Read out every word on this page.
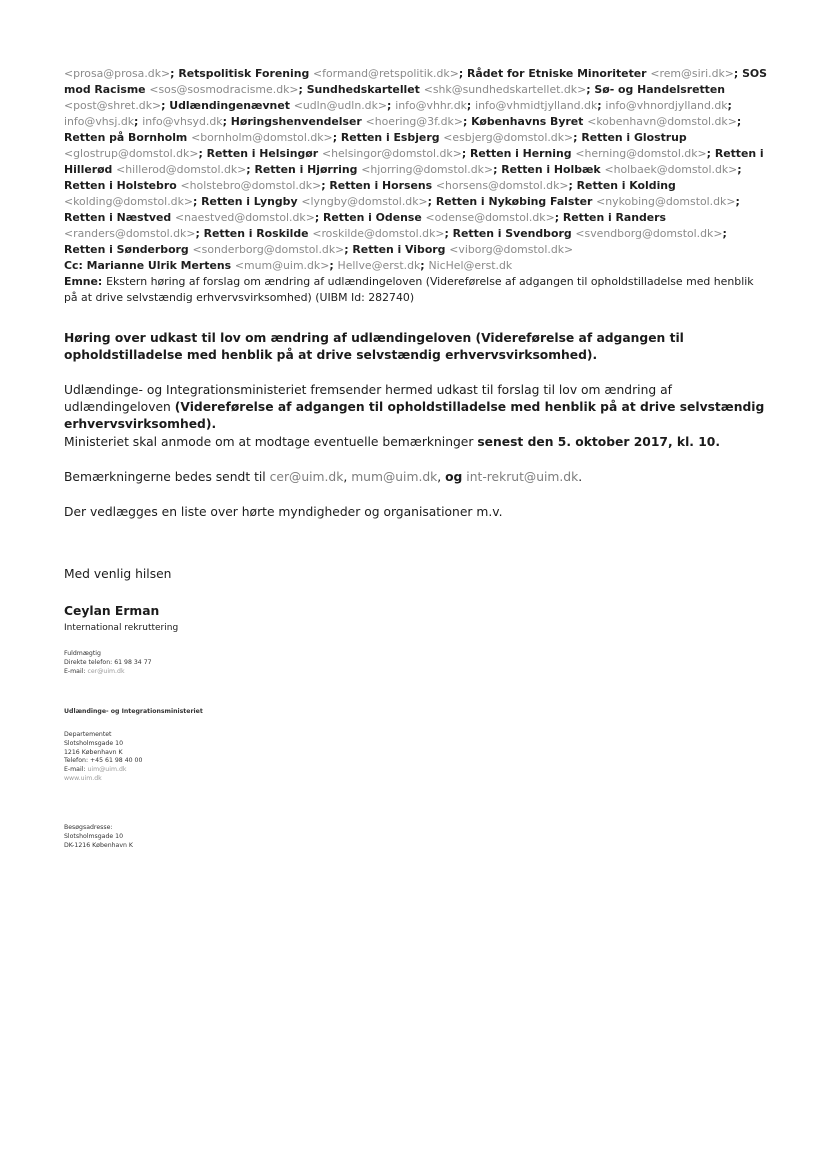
<prosa@prosa.dk>; Retspolitisk Forening <formand@retspolitik.dk>; Rådet for Etniske Minoriteter <rem@siri.dk>; SOS mod Racisme <sos@sosmodracisme.dk>; Sundhedskartellet <shk@sundhedskartellet.dk>; Sø- og Handelsretten <post@shret.dk>; Udlændingenævnet <udln@udln.dk>; info@vhhr.dk; info@vhmidtjylland.dk; info@vhnordjylland.dk; info@vhsj.dk; info@vhsyd.dk; Høringshenvendelser <hoering@3f.dk>; Københavns Byret <kobenhavn@domstol.dk>; Retten på Bornholm <bornholm@domstol.dk>; Retten i Esbjerg <esbjerg@domstol.dk>; Retten i Glostrup <glostrup@domstol.dk>; Retten i Helsingør <helsingor@domstol.dk>; Retten i Herning <herning@domstol.dk>; Retten i Hillerød <hillerod@domstol.dk>; Retten i Hjørring <hjorring@domstol.dk>; Retten i Holbæk <holbaek@domstol.dk>; Retten i Holstebro <holstebro@domstol.dk>; Retten i Horsens <horsens@domstol.dk>; Retten i Kolding <kolding@domstol.dk>; Retten i Lyngby <lyngby@domstol.dk>; Retten i Nykøbing Falster <nykobing@domstol.dk>; Retten i Næstved <naestved@domstol.dk>; Retten i Odense <odense@domstol.dk>; Retten i Randers <randers@domstol.dk>; Retten i Roskilde <roskilde@domstol.dk>; Retten i Svendborg <svendborg@domstol.dk>; Retten i Sønderborg <sonderborg@domstol.dk>; Retten i Viborg <viborg@domstol.dk>
Cc: Marianne Ulrik Mertens <mum@uim.dk>; Hellve@erst.dk; NicHel@erst.dk
Emne: Ekstern høring af forslag om ændring af udlændingeloven (Videreførelse af adgangen til opholdstilladelse med henblik på at drive selvstændig erhvervsvirksomhed) (UIBM Id: 282740)
Høring over udkast til lov om ændring af udlændingeloven (Videreførelse af adgangen til opholdstilladelse med henblik på at drive selvstændig erhvervsvirksomhed).
Udlændinge- og Integrationsministeriet fremsender hermed udkast til forslag til lov om ændring af udlændingeloven (Videreførelse af adgangen til opholdstilladelse med henblik på at drive selvstændig erhvervsvirksomhed).
Ministeriet skal anmode om at modtage eventuelle bemærkninger senest den 5. oktober 2017, kl. 10.
Bemærkningerne bedes sendt til cer@uim.dk, mum@uim.dk, og int-rekrut@uim.dk.
Der vedlægges en liste over hørte myndigheder og organisationer m.v.
Med venlig hilsen
Ceylan Erman
International rekruttering
Fuldmægtig
Direkte telefon: 61 98 34 77
E-mail: cer@uim.dk
Udlændinge- og Integrationsministeriet
Departementet
Slotsholmsgade 10
1216 København K
Telefon: +45 61 98 40 00
E-mail: uim@uim.dk
www.uim.dk
Besøgsadresse:
Slotsholmsgade 10
DK-1216 København K
